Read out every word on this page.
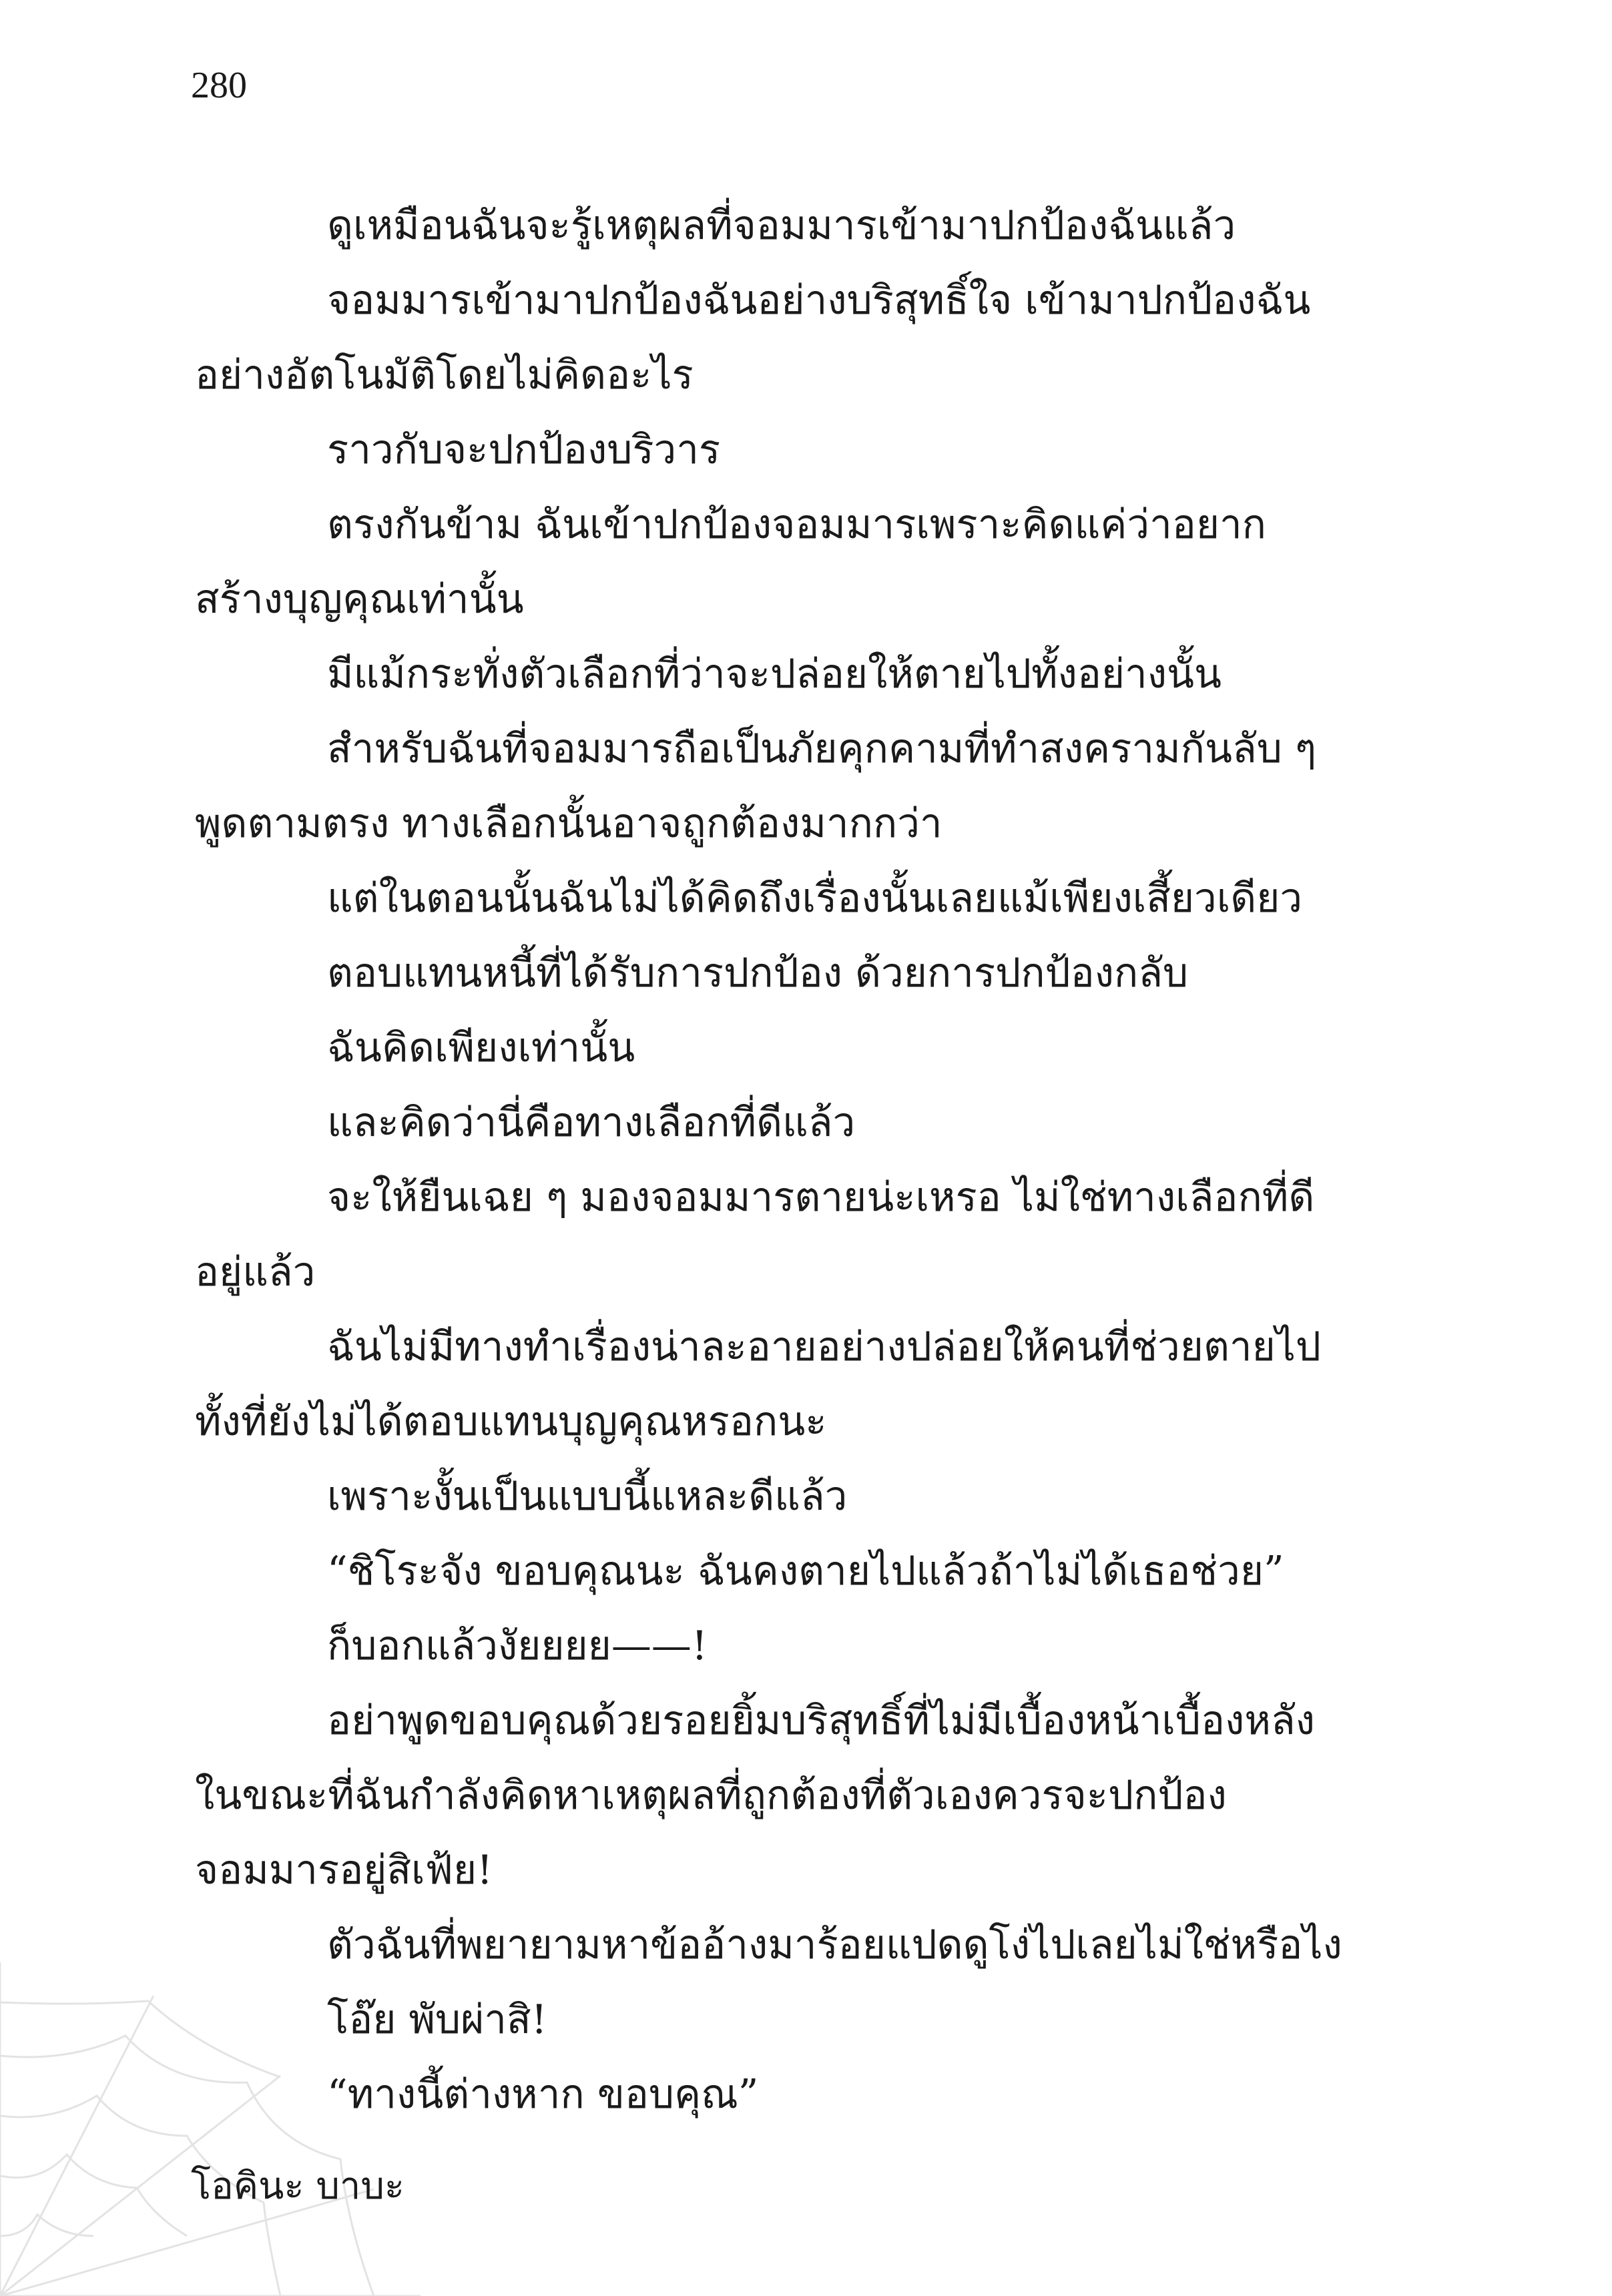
280

ดูเหมือนฉันจะรู้เหตุผลที่จอมมารเข้ามาปกป้องฉันแล้ว

จอมมารเข้ามาปกป้องฉันอย่างบริสุทธิ์ใจ เข้ามาปกป้องฉัน

อย่างอัตโนมัติโดยไม่คิดอะไร

ราวกับจะปกป้องบริวาร

ตรงกันข้าม ฉันเข้าปกป้องจอมมารเพราะคิดแค่ว่าอยาก

สร้างบุญคุณเท่านั้น

มีแม้กระทั่งตัวเลือกที่ว่าจะปล่อยให้ตายไปทั้งอย่างนั้น

สำหรับฉันที่จอมมารถือเป็นภัยคุกคามที่ทำสงครามกันลับ ๆ

พูดตามตรง ทางเลือกนั้นอาจถูกต้องมากกว่า

แต่ในตอนนั้นฉันไม่ได้คิดถึงเรื่องนั้นเลยแม้เพียงเสี้ยวเดียว

ตอบแทนหนี้ที่ได้รับการปกป้อง ด้วยการปกป้องกลับ

ฉันคิดเพียงเท่านั้น

และคิดว่านี่คือทางเลือกที่ดีแล้ว

จะให้ยืนเฉย ๆ มองจอมมารตายน่ะเหรอ ไม่ใช่ทางเลือกที่ดี

อยู่แล้ว

ฉันไม่มีทางทำเรื่องน่าละอายอย่างปล่อยให้คนที่ช่วยตายไป

ทั้งที่ยังไม่ได้ตอบแทนบุญคุณหรอกนะ

เพราะงั้นเป็นแบบนี้แหละดีแล้ว

“ชิโระจัง ขอบคุณนะ ฉันคงตายไปแล้วถ้าไม่ได้เธอช่วย”

ก็บอกแล้วงัยยยย——!

อย่าพูดขอบคุณด้วยรอยยิ้มบริสุทธิ์ที่ไม่มีเบื้องหน้าเบื้องหลัง

ในขณะที่ฉันกำลังคิดหาเหตุผลที่ถูกต้องที่ตัวเองควรจะปกป้อง

จอมมารอยู่สิเฟ้ย!

ตัวฉันที่พยายามหาข้ออ้างมาร้อยแปดดูโง่ไปเลยไม่ใช่หรือไง

โอ๊ย พับผ่าสิ!

“ทางนี้ต่างหาก ขอบคุณ”

โอคินะ บาบะ
